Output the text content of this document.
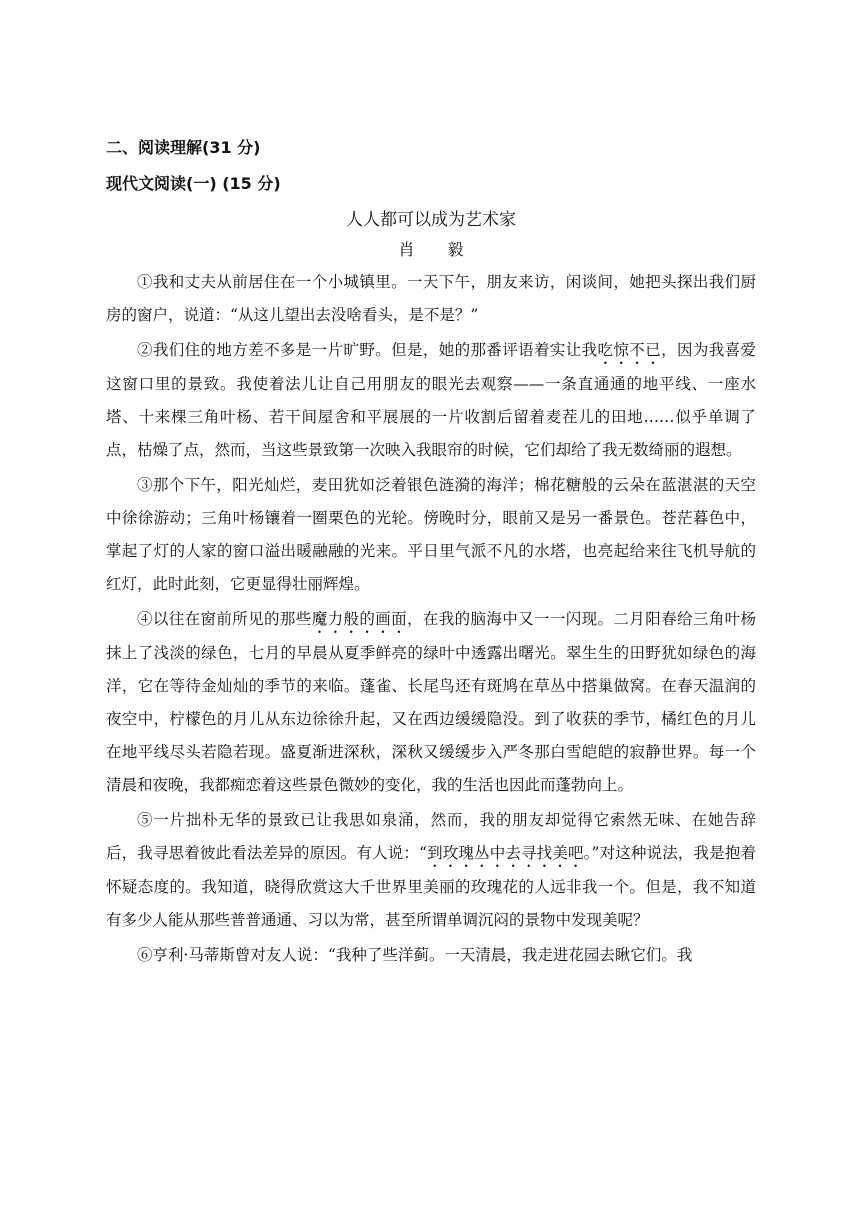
二、阅读理解(31 分)
现代文阅读(一) (15 分)
人人都可以成为艺术家
肖 毅

①我和丈夫从前居住在一个小城镇里。一天下午，朋友来访，闲谈间，她把头探出我们厨房的窗户，说道：“从这儿望出去没啥看头，是不是？”

②我们住的地方差不多是一片旷野。但是，她的那番评语着实让我吃惊不已，因为我喜爱这窗口里的景致。我使着法儿让自己用朋友的眼光去观察——一条直通通的地平线、一座水塔、十来棵三角叶杨、若干间屋舍和平展展的一片收割后留着麦茬儿的田地……似乎单调了点，枯燥了点，然而，当这些景致第一次映入我眼帘的时候，它们却给了我无数绮丽的遐想。

③那个下午，阳光灿烂，麦田犹如泛着银色涟漪的海洋；棉花糖般的云朵在蓝湛湛的天空中徐徐游动；三角叶杨镶着一圈栗色的光轮。傍晚时分，眼前又是另一番景色。苍茫暮色中，掌起了灯的人家的窗口溢出暖融融的光来。平日里气派不凡的水塔，也亮起给来往飞机导航的红灯，此时此刻，它更显得壮丽辉煌。

④以往在窗前所见的那些魔力般的画面，在我的脑海中又一一闪现。二月阳春给三角叶杨抹上了浅淡的绿色，七月的早晨从夏季鲜亮的绿叶中透露出曙光。翠生生的田野犹如绿色的海洋，它在等待金灿灿的季节的来临。蓬雀、长尾鸟还有斑鸠在草丛中搭巢做窝。在春天温润的夜空中，柠檬色的月儿从东边徐徐升起，又在西边缓缓隐没。到了收获的季节，橘红色的月儿在地平线尽头若隐若现。盛夏渐进深秋，深秋又缓缓步入严冬那白雪皑皑的寂静世界。每一个清晨和夜晚，我都痴恋着这些景色微妙的变化，我的生活也因此而蓬勃向上。

⑤一片拙朴无华的景致已让我思如泉涌，然而，我的朋友却觉得它索然无味、在她告辞后，我寻思着彼此看法差异的原因。有人说：“到玫瑰丛中去寻找美吧。”对这种说法，我是抱着怀疑态度的。我知道，晓得欣赏这大千世界里美丽的玫瑰花的人远非我一个。但是，我不知道有多少人能从那些普普通通、习以为常，甚至所谓单调沉闷的景物中发现美呢？

⑥亨利·马蒂斯曾对友人说：“我种了些洋蓟。一天清晨，我走进花园去瞅它们。我
